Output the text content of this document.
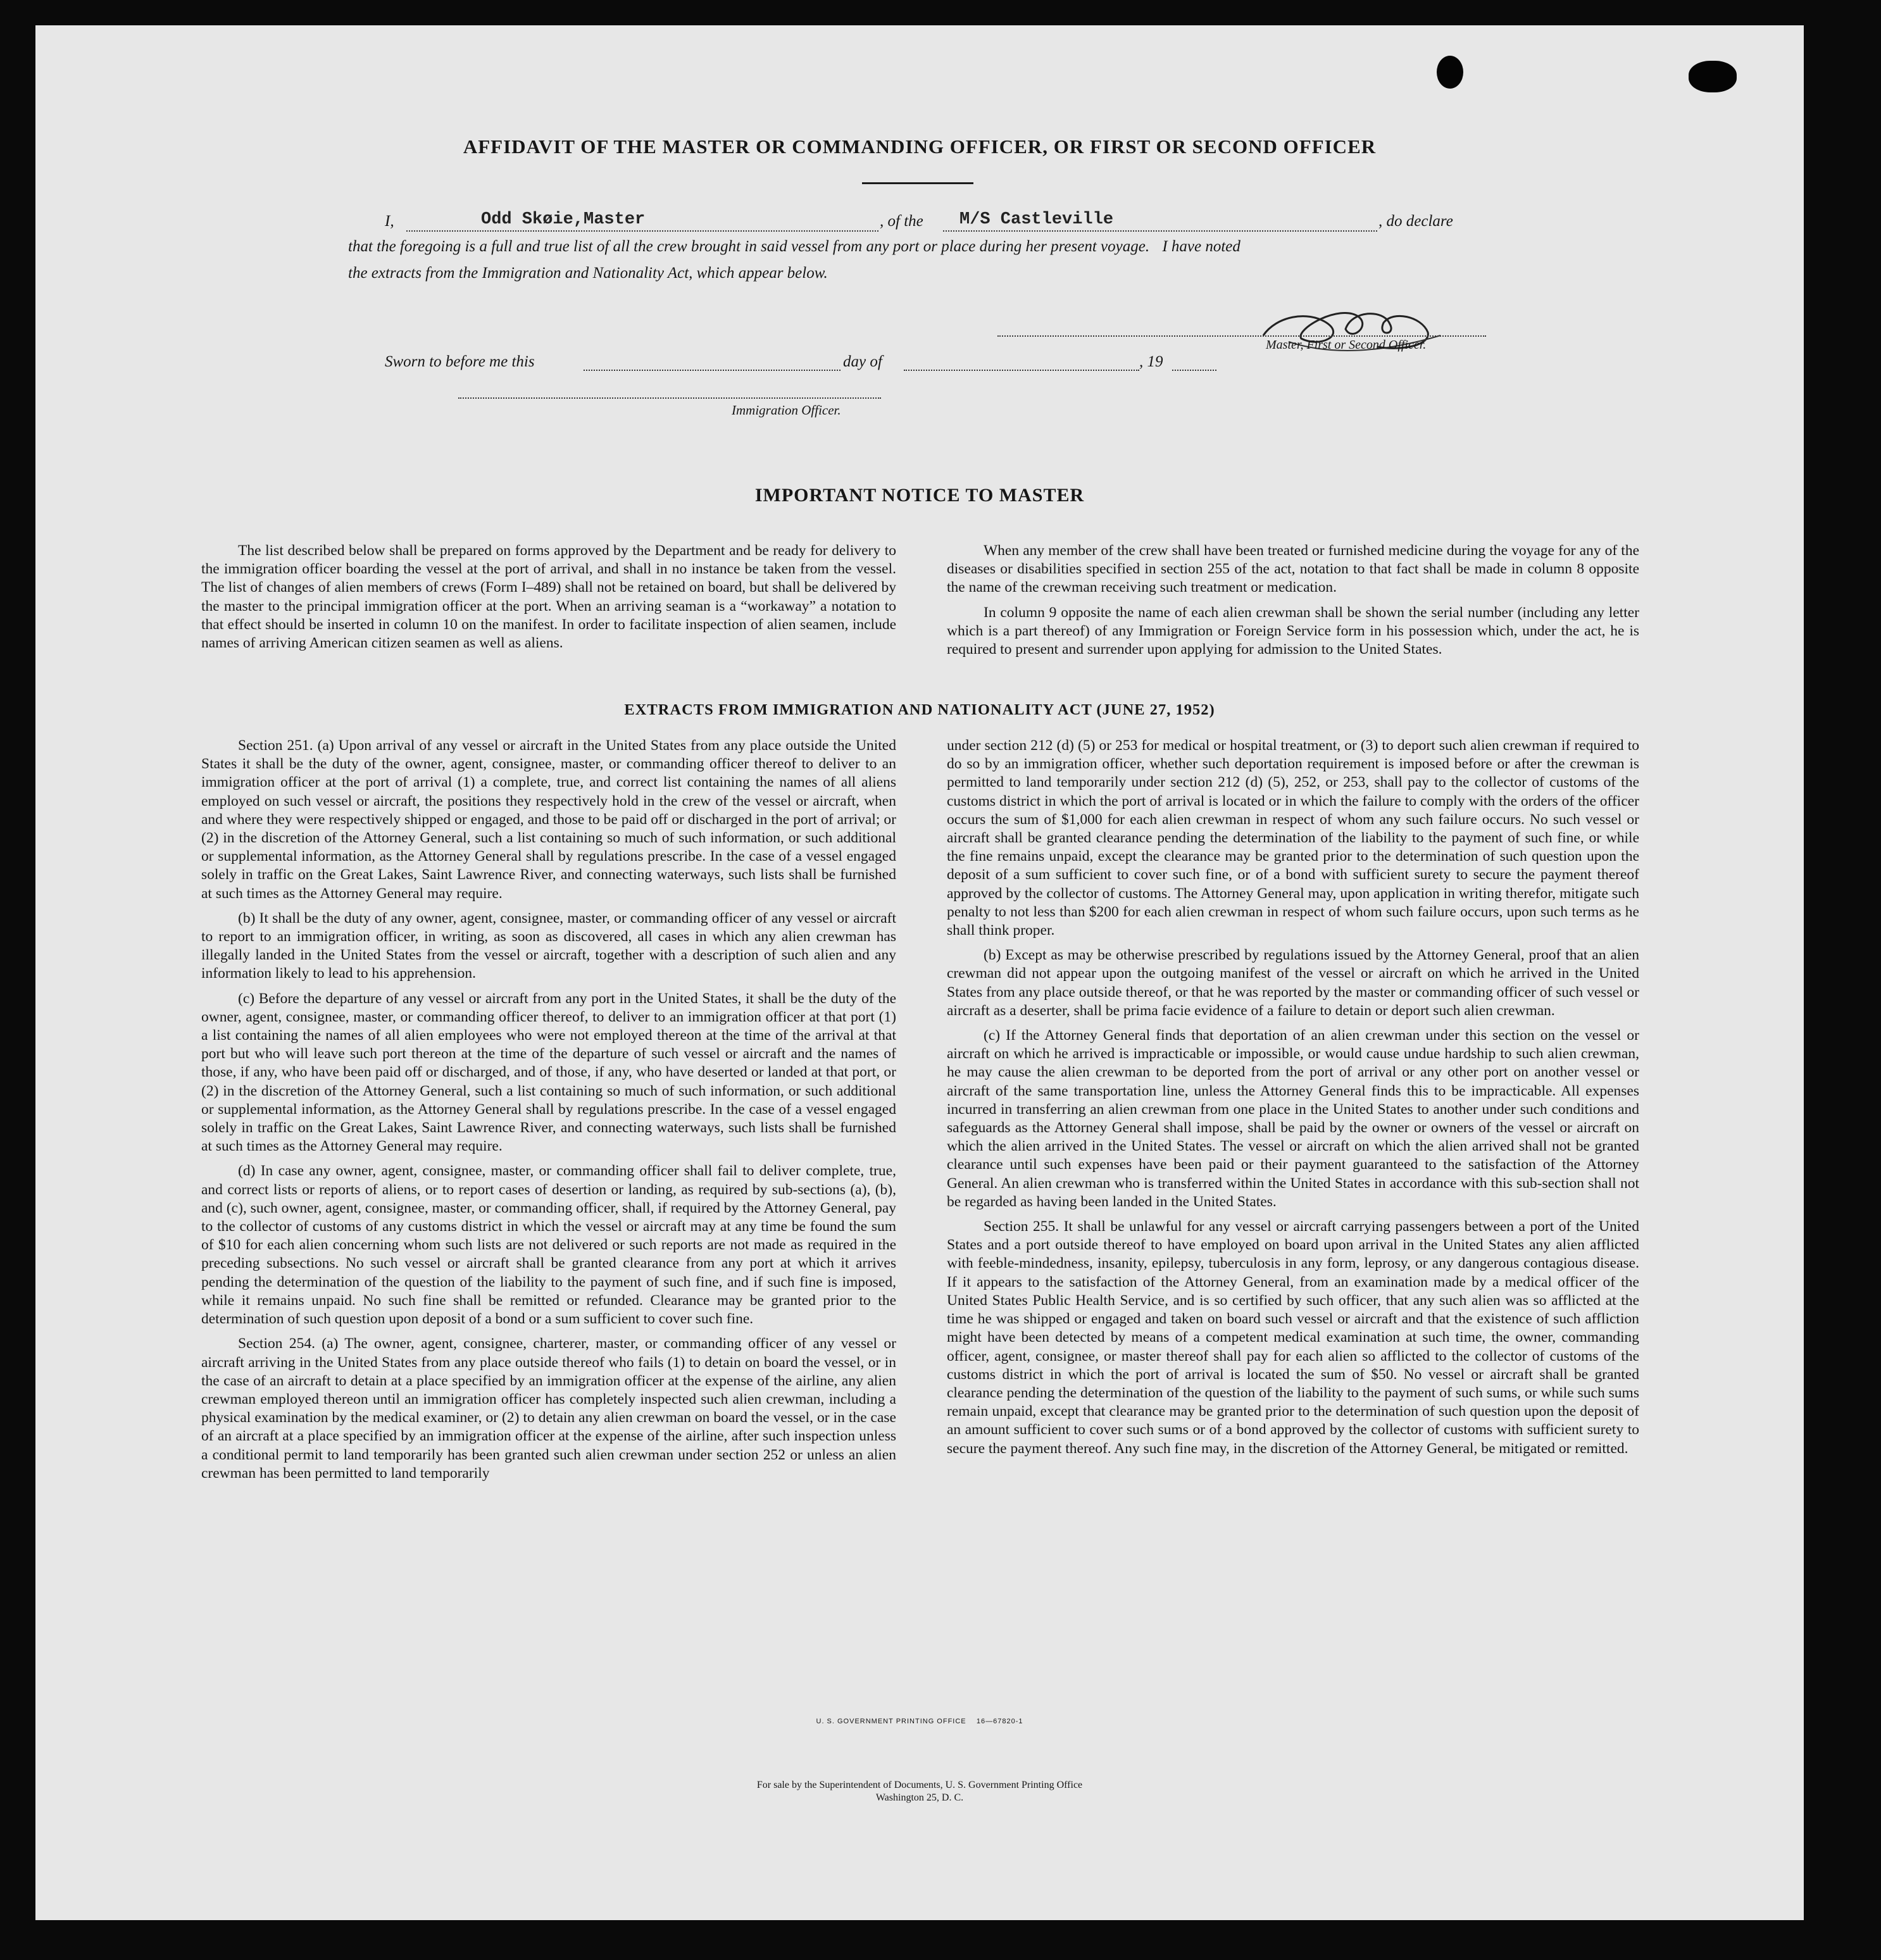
AFFIDAVIT OF THE MASTER OR COMMANDING OFFICER, OR FIRST OR SECOND OFFICER
I,	Odd Skøie,Master	, of the M/S Castleville	, do declare
that the foregoing is a full and true list of all the crew brought in said vessel from any port or place during her present voyage. I have noted
the extracts from the Immigration and Nationality Act, which appear below.
Master, First or Second Officer.
Sworn to before me this	day of	, 19
Immigration Officer.
IMPORTANT NOTICE TO MASTER

The list described below shall be prepared on forms approved by the Department and be ready for delivery to the immigration officer boarding the vessel at the port of arrival, and shall in no instance be taken from the vessel. The list of changes of alien members of crews (Form I–489) shall not be retained on board, but shall be delivered by the master to the principal immigration officer at the port. When an arriving seaman is a “workaway” a notation to that effect should be inserted in column 10 on the manifest. In order to facilitate inspection of alien seamen, include names of arriving American citizen seamen as well as aliens.

When any member of the crew shall have been treated or furnished medicine during the voyage for any of the diseases or disabilities specified in section 255 of the act, notation to that fact shall be made in column 8 opposite the name of the crewman receiving such treatment or medication.

In column 9 opposite the name of each alien crewman shall be shown the serial number (including any letter which is a part thereof) of any Immigration or Foreign Service form in his possession which, under the act, he is required to present and surrender upon applying for admission to the United States.

EXTRACTS FROM IMMIGRATION AND NATIONALITY ACT (JUNE 27, 1952)

Section 251. (a) Upon arrival of any vessel or aircraft in the United States from any place outside the United States it shall be the duty of the owner, agent, consignee, master, or commanding officer thereof to deliver to an immigration officer at the port of arrival (1) a complete, true, and correct list containing the names of all aliens employed on such vessel or aircraft, the positions they respectively hold in the crew of the vessel or aircraft, when and where they were respectively shipped or engaged, and those to be paid off or discharged in the port of arrival; or (2) in the discretion of the Attorney General, such a list containing so much of such information, or such additional or supplemental information, as the Attorney General shall by regulations prescribe. In the case of a vessel engaged solely in traffic on the Great Lakes, Saint Lawrence River, and connecting waterways, such lists shall be furnished at such times as the Attorney General may require.

(b) It shall be the duty of any owner, agent, consignee, master, or commanding officer of any vessel or aircraft to report to an immigration officer, in writing, as soon as discovered, all cases in which any alien crewman has illegally landed in the United States from the vessel or aircraft, together with a description of such alien and any information likely to lead to his apprehension.

(c) Before the departure of any vessel or aircraft from any port in the United States, it shall be the duty of the owner, agent, consignee, master, or commanding officer thereof, to deliver to an immigration officer at that port (1) a list containing the names of all alien employees who were not employed thereon at the time of the arrival at that port but who will leave such port thereon at the time of the departure of such vessel or aircraft and the names of those, if any, who have been paid off or discharged, and of those, if any, who have deserted or landed at that port, or (2) in the discretion of the Attorney General, such a list containing so much of such information, or such additional or supplemental information, as the Attorney General shall by regulations prescribe. In the case of a vessel engaged solely in traffic on the Great Lakes, Saint Lawrence River, and connecting waterways, such lists shall be furnished at such times as the Attorney General may require.

(d) In case any owner, agent, consignee, master, or commanding officer shall fail to deliver complete, true, and correct lists or reports of aliens, or to report cases of desertion or landing, as required by sub-sections (a), (b), and (c), such owner, agent, consignee, master, or commanding officer, shall, if required by the Attorney General, pay to the collector of customs of any customs district in which the vessel or aircraft may at any time be found the sum of $10 for each alien concerning whom such lists are not delivered or such reports are not made as required in the preceding subsections. No such vessel or aircraft shall be granted clearance from any port at which it arrives pending the determination of the question of the liability to the payment of such fine, and if such fine is imposed, while it remains unpaid. No such fine shall be remitted or refunded. Clearance may be granted prior to the determination of such question upon deposit of a bond or a sum sufficient to cover such fine.

Section 254. (a) The owner, agent, consignee, charterer, master, or commanding officer of any vessel or aircraft arriving in the United States from any place outside thereof who fails (1) to detain on board the vessel, or in the case of an aircraft to detain at a place specified by an immigration officer at the expense of the airline, any alien crewman employed thereon until an immigration officer has completely inspected such alien crewman, including a physical examination by the medical examiner, or (2) to detain any alien crewman on board the vessel, or in the case of an aircraft at a place specified by an immigration officer at the expense of the airline, after such inspection unless a conditional permit to land temporarily has been granted such alien crewman under section 252 or unless an alien crewman has been permitted to land temporarily

under section 212 (d) (5) or 253 for medical or hospital treatment, or (3) to deport such alien crewman if required to do so by an immigration officer, whether such deportation requirement is imposed before or after the crewman is permitted to land temporarily under section 212 (d) (5), 252, or 253, shall pay to the collector of customs of the customs district in which the port of arrival is located or in which the failure to comply with the orders of the officer occurs the sum of $1,000 for each alien crewman in respect of whom any such failure occurs. No such vessel or aircraft shall be granted clearance pending the determination of the liability to the payment of such fine, or while the fine remains unpaid, except the clearance may be granted prior to the determination of such question upon the deposit of a sum sufficient to cover such fine, or of a bond with sufficient surety to secure the payment thereof approved by the collector of customs. The Attorney General may, upon application in writing therefor, mitigate such penalty to not less than $200 for each alien crewman in respect of whom such failure occurs, upon such terms as he shall think proper.

(b) Except as may be otherwise prescribed by regulations issued by the Attorney General, proof that an alien crewman did not appear upon the outgoing manifest of the vessel or aircraft on which he arrived in the United States from any place outside thereof, or that he was reported by the master or commanding officer of such vessel or aircraft as a deserter, shall be prima facie evidence of a failure to detain or deport such alien crewman.

(c) If the Attorney General finds that deportation of an alien crewman under this section on the vessel or aircraft on which he arrived is impracticable or impossible, or would cause undue hardship to such alien crewman, he may cause the alien crewman to be deported from the port of arrival or any other port on another vessel or aircraft of the same transportation line, unless the Attorney General finds this to be impracticable. All expenses incurred in transferring an alien crewman from one place in the United States to another under such conditions and safeguards as the Attorney General shall impose, shall be paid by the owner or owners of the vessel or aircraft on which the alien arrived in the United States. The vessel or aircraft on which the alien arrived shall not be granted clearance until such expenses have been paid or their payment guaranteed to the satisfaction of the Attorney General. An alien crewman who is transferred within the United States in accordance with this sub-section shall not be regarded as having been landed in the United States.

Section 255. It shall be unlawful for any vessel or aircraft carrying passengers between a port of the United States and a port outside thereof to have employed on board upon arrival in the United States any alien afflicted with feeble-mindedness, insanity, epilepsy, tuberculosis in any form, leprosy, or any dangerous contagious disease. If it appears to the satisfaction of the Attorney General, from an examination made by a medical officer of the United States Public Health Service, and is so certified by such officer, that any such alien was so afflicted at the time he was shipped or engaged and taken on board such vessel or aircraft and that the existence of such affliction might have been detected by means of a competent medical examination at such time, the owner, commanding officer, agent, consignee, or master thereof shall pay for each alien so afflicted to the collector of customs of the customs district in which the port of arrival is located the sum of $50. No vessel or aircraft shall be granted clearance pending the determination of the question of the liability to the payment of such sums, or while such sums remain unpaid, except that clearance may be granted prior to the determination of such question upon the deposit of an amount sufficient to cover such sums or of a bond approved by the collector of customs with sufficient surety to secure the payment thereof. Any such fine may, in the discretion of the Attorney General, be mitigated or remitted.

U. S. GOVERNMENT PRINTING OFFICE    16—67820-1
For sale by the Superintendent of Documents, U. S. Government Printing Office
Washington 25, D. C.
